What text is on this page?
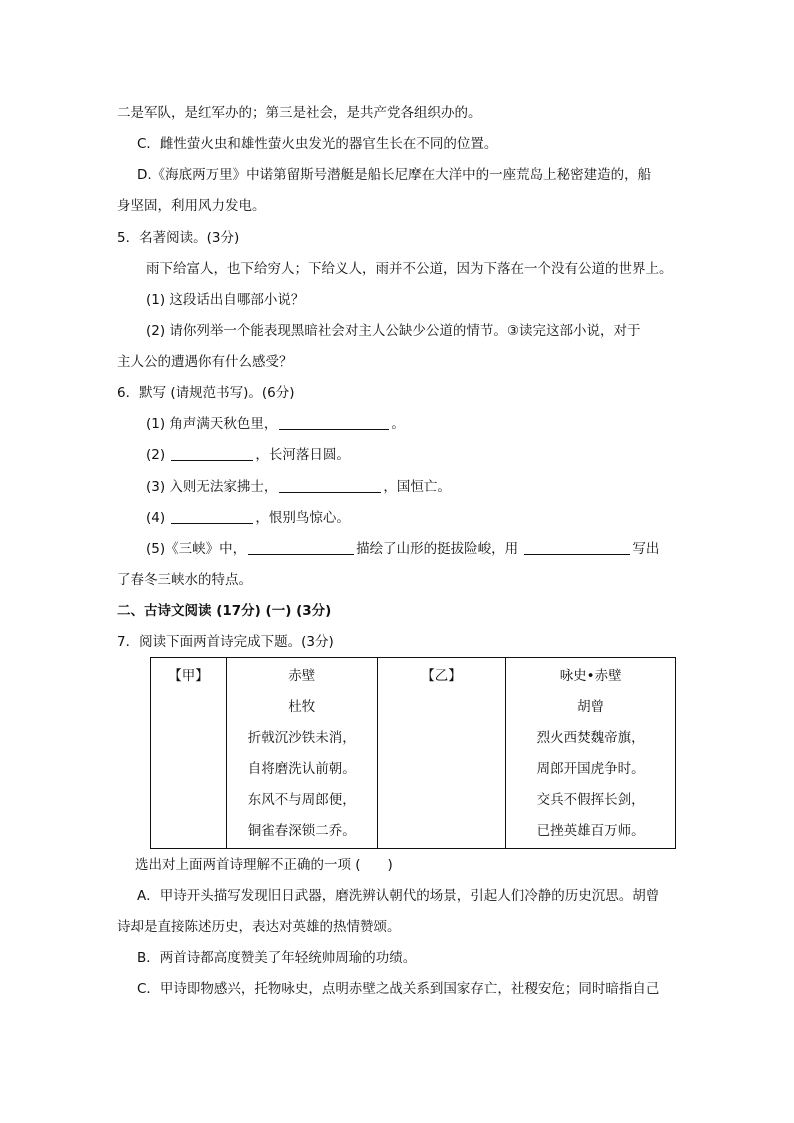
二是军队，是红军办的；第三是社会，是共产党各组织办的。
C．雌性萤火虫和雄性萤火虫发光的器官生长在不同的位置。
D.《海底两万里》中诺第留斯号潜艇是船长尼摩在大洋中的一座荒岛上秘密建造的，船
身坚固，利用风力发电。
5．名著阅读。(3分)
雨下给富人，也下给穷人；下给义人，雨并不公道，因为下落在一个没有公道的世界上。
(1) 这段话出自哪部小说？
(2) 请你列举一个能表现黑暗社会对主人公缺少公道的情节。③读完这部小说，对于
主人公的遭遇你有什么感受？
6．默写 (请规范书写)。(6分)
(1) 角声满天秋色里，	。
(2)	，长河落日圆。
(3) 入则无法家拂士，	，国恒亡。
(4)	，恨别鸟惊心。
(5)《三峡》中，	描绘了山形的挺拔险峻，用	写出
了春冬三峡水的特点。
二、古诗文阅读 (17分) (一) (3分)
7．阅读下面两首诗完成下题。(3分)
【甲】	赤壁
杜牧
折戟沉沙铁未消，
自将磨洗认前朝。
东风不与周郎便，
铜雀春深锁二乔。

【乙】	咏史•赤壁
胡曾
烈火西焚魏帝旗，
周郎开国虎争时。
交兵不假挥长剑，
已挫英雄百万师。
选出对上面两首诗理解不正确的一项 (　　)
A．甲诗开头描写发现旧日武器，磨洗辨认朝代的场景，引起人们冷静的历史沉思。胡曾
诗却是直接陈述历史，表达对英雄的热情赞颂。
B．两首诗都高度赞美了年轻统帅周瑜的功绩。
C．甲诗即物感兴，托物咏史，点明赤壁之战关系到国家存亡，社稷安危；同时暗指自己
